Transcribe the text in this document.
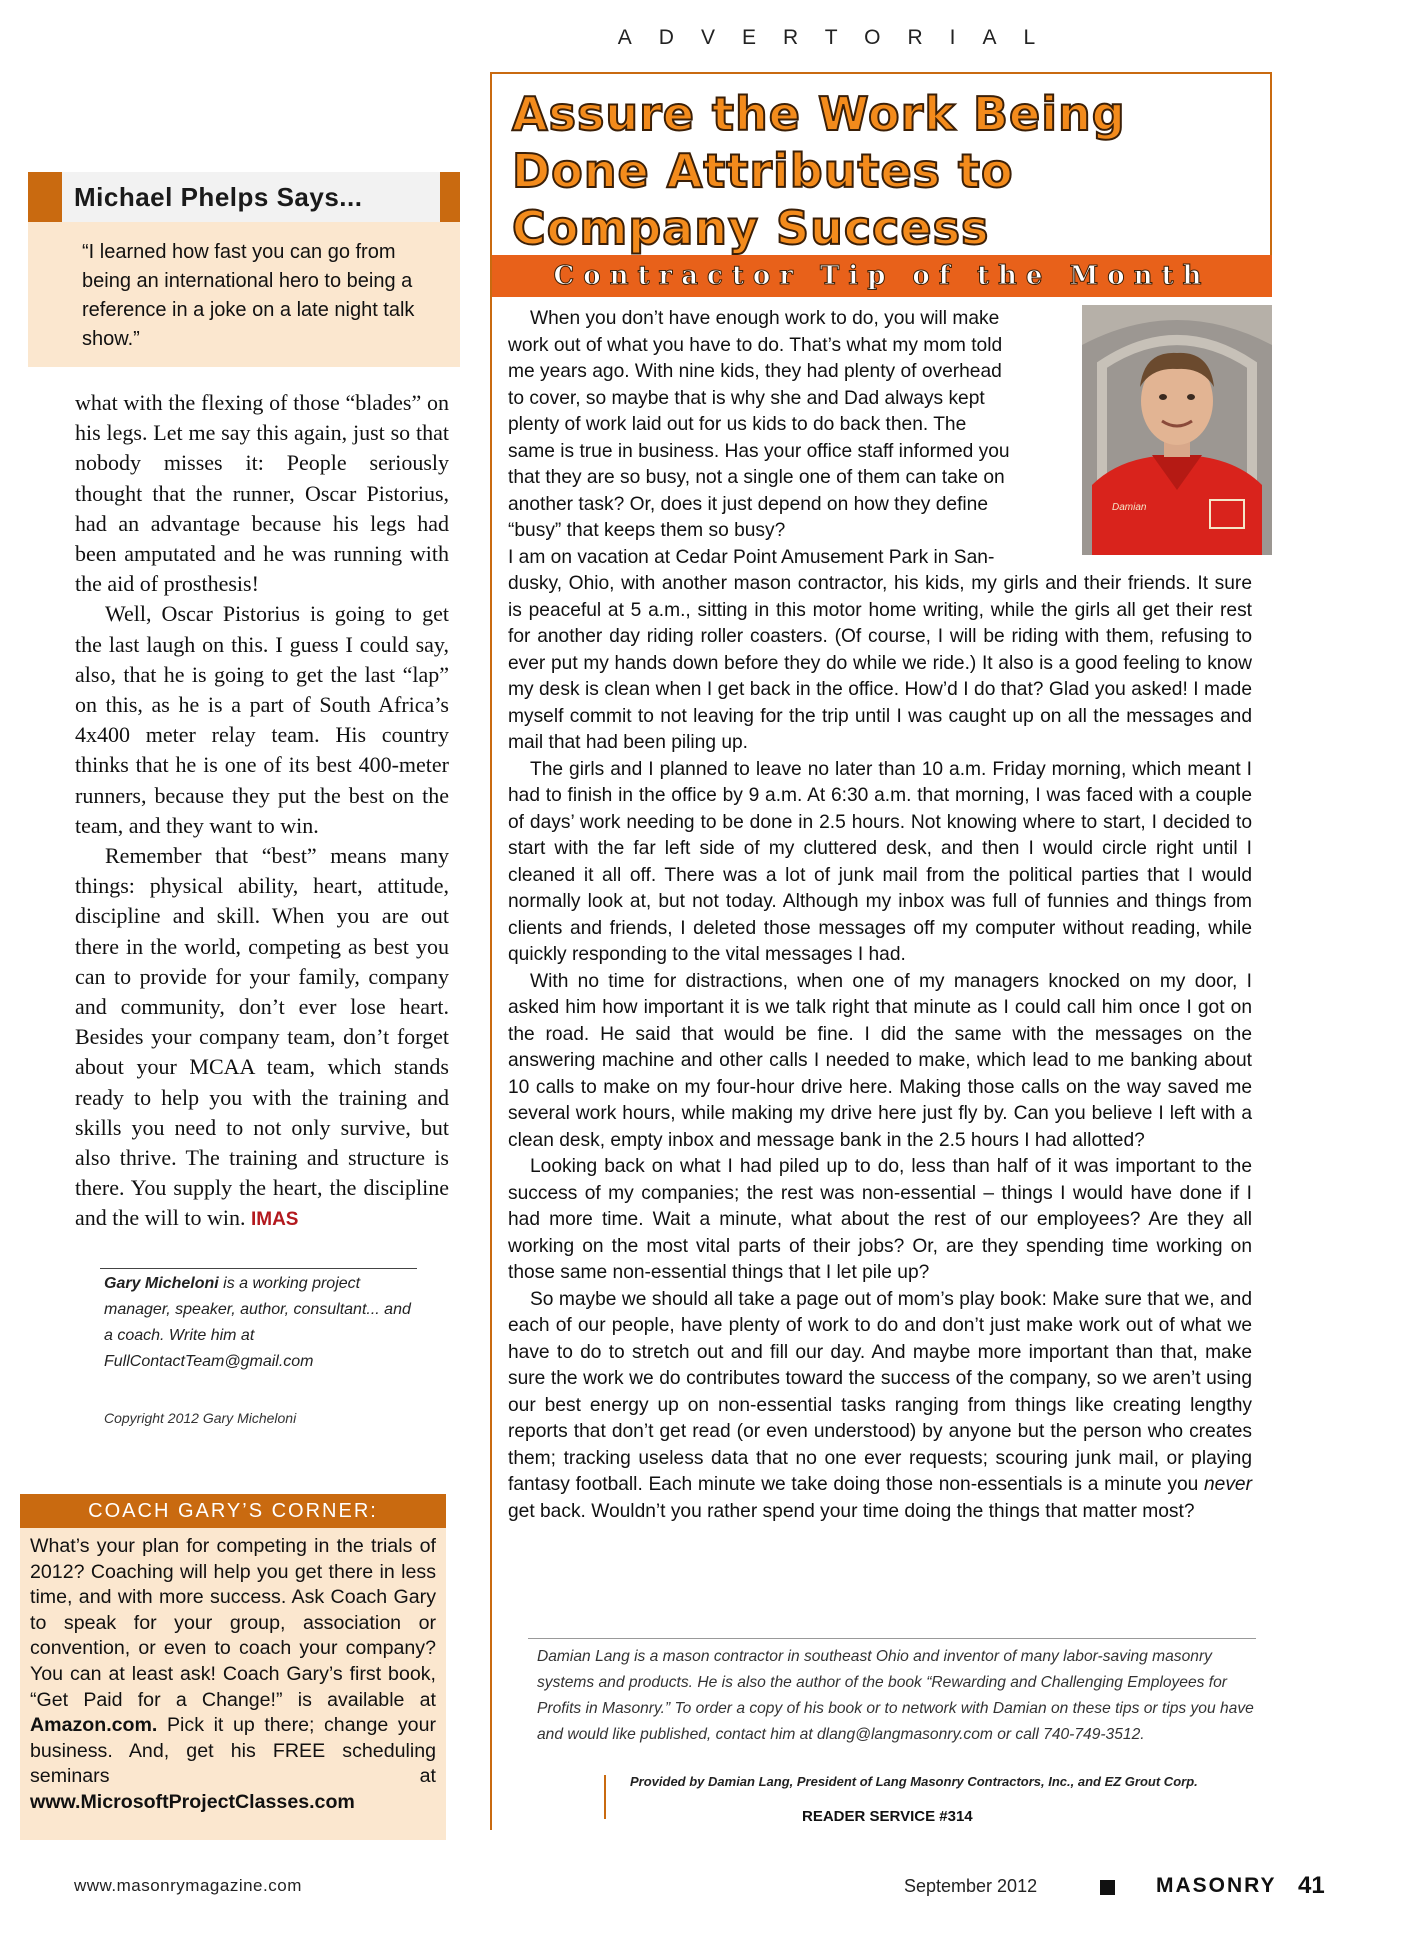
ADVERTORIAL
Michael Phelps Says...
“I learned how fast you can go from being an international hero to being a reference in a joke on a late night talk show.”

what with the flexing of those “blades” on his legs. Let me say this again, just so that nobody misses it: People seriously thought that the runner, Oscar Pistorius, had an advantage because his legs had been amputated and he was running with the aid of prosthesis!

Well, Oscar Pistorius is going to get the last laugh on this. I guess I could say, also, that he is going to get the last “lap” on this, as he is a part of South Africa’s 4x400 meter relay team. His country thinks that he is one of its best 400-meter runners, because they put the best on the team, and they want to win.

Remember that “best” means many things: physical ability, heart, attitude, discipline and skill. When you are out there in the world, competing as best you can to provide for your family, company and community, don’t ever lose heart. Besides your company team, don’t forget about your MCAA team, which stands ready to help you with the training and skills you need to not only survive, but also thrive. The training and structure is there. You supply the heart, the discipline and the will to win. IMAS

Gary Micheloni is a working project manager, speaker, author, consultant... and a coach. Write him at FullContactTeam@gmail.com
Copyright 2012 Gary Micheloni
COACH GARY’S CORNER:
What’s your plan for competing in the trials of 2012? Coaching will help you get there in less time, and with more success. Ask Coach Gary to speak for your group, association or convention, or even to coach your company? You can at least ask! Coach Gary’s first book, “Get Paid for a Change!” is available at Amazon.com. Pick it up there; change your business. And, get his FREE scheduling seminars at www.MicrosoftProjectClasses.com
Assure the Work Being Done Attributes to Company Success
Contractor Tip of the Month
Damian

When you don’t have enough work to do, you will make
work out of what you have to do. That’s what my mom told
me years ago. With nine kids, they had plenty of overhead
to cover, so maybe that is why she and Dad always kept
plenty of work laid out for us kids to do back then. The
same is true in business. Has your office staff informed you
that they are so busy, not a single one of them can take on
another task? Or, does it just depend on how they define
“busy” that keeps them so busy?

I am on vacation at Cedar Point Amusement Park in San-

dusky, Ohio, with another mason contractor, his kids, my girls and their friends. It sure is peaceful at 5 a.m., sitting in this motor home writing, while the girls all get their rest for another day riding roller coasters. (Of course, I will be riding with them, refusing to ever put my hands down before they do while we ride.) It also is a good feeling to know my desk is clean when I get back in the office. How’d I do that? Glad you asked! I made myself commit to not leaving for the trip until I was caught up on all the messages and mail that had been piling up.

The girls and I planned to leave no later than 10 a.m. Friday morning, which meant I had to finish in the office by 9 a.m. At 6:30 a.m. that morning, I was faced with a couple of days’ work needing to be done in 2.5 hours. Not knowing where to start, I decided to start with the far left side of my cluttered desk, and then I would circle right until I cleaned it all off. There was a lot of junk mail from the political parties that I would normally look at, but not today. Although my inbox was full of funnies and things from clients and friends, I deleted those messages off my computer without reading, while quickly responding to the vital messages I had.

With no time for distractions, when one of my managers knocked on my door, I asked him how important it is we talk right that minute as I could call him once I got on the road. He said that would be fine. I did the same with the messages on the answering machine and other calls I needed to make, which lead to me banking about 10 calls to make on my four-hour drive here. Making those calls on the way saved me several work hours, while making my drive here just fly by. Can you believe I left with a clean desk, empty inbox and message bank in the 2.5 hours I had allotted?

Looking back on what I had piled up to do, less than half of it was important to the success of my companies; the rest was non-essential – things I would have done if I had more time. Wait a minute, what about the rest of our employees? Are they all working on the most vital parts of their jobs? Or, are they spending time working on those same non-essential things that I let pile up?

So maybe we should all take a page out of mom’s play book: Make sure that we, and each of our people, have plenty of work to do and don’t just make work out of what we have to do to stretch out and fill our day. And maybe more important than that, make sure the work we do contributes toward the success of the company, so we aren’t using our best energy up on non-essential tasks ranging from things like creating lengthy reports that don’t get read (or even understood) by anyone but the person who creates them; tracking useless data that no one ever requests; scouring junk mail, or playing fantasy football. Each minute we take doing those non-essentials is a minute you never get back. Wouldn’t you rather spend your time doing the things that matter most?

Damian Lang is a mason contractor in southeast Ohio and inventor of many labor-saving masonry systems and products. He is also the author of the book “Rewarding and Challenging Employees for Profits in Masonry.” To order a copy of his book or to network with Damian on these tips or tips you have and would like published, contact him at dlang@langmasonry.com or call 740-749-3512.
Provided by Damian Lang, President of Lang Masonry Contractors, Inc., and EZ Grout Corp.
READER SERVICE #314
www.masonrymagazine.com	September 2012	MASONRY 41
